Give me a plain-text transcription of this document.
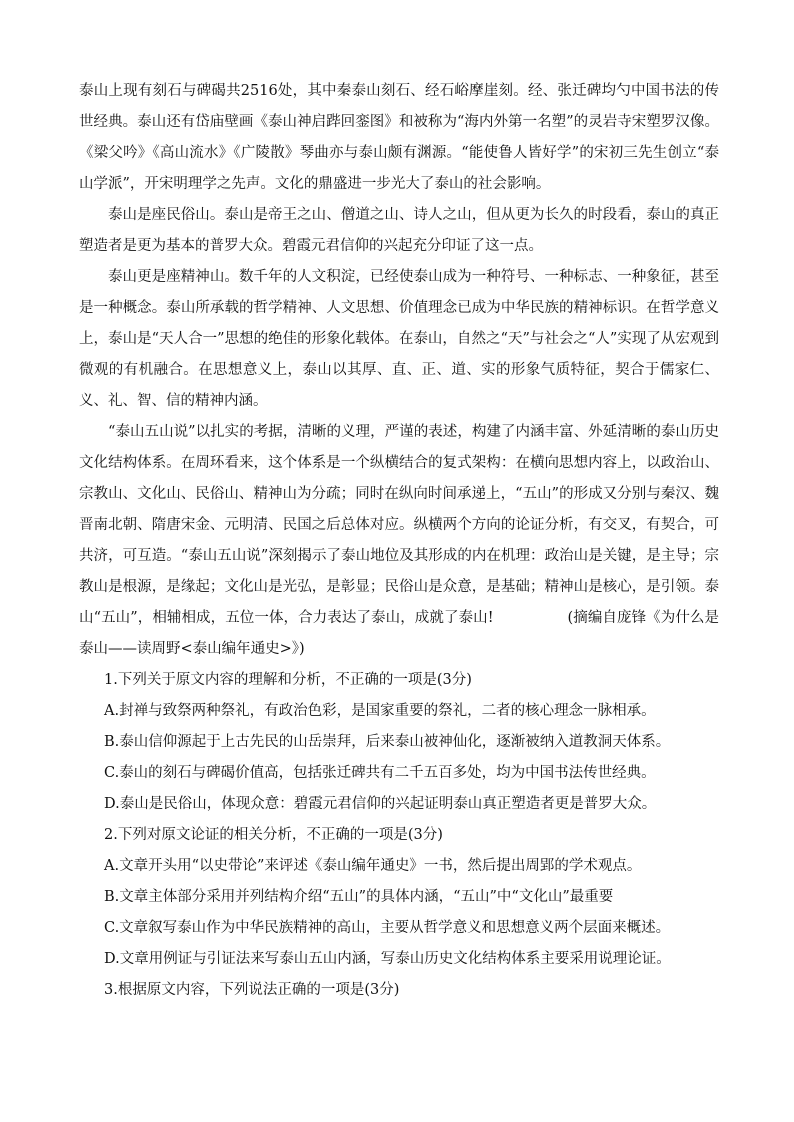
泰山上现有刻石与碑碣共2516处，其中秦泰山刻石、经石峪摩崖刻。经、张迁碑均勺中国书法的传世经典。泰山还有岱庙壁画《泰山神启跸回銮图》和被称为“海内外第一名塑”的灵岩寺宋塑罗汉像。《梁父吟》《高山流水》《广陵散》琴曲亦与泰山颇有渊源。“能使鲁人皆好学”的宋初三先生创立“泰山学派”，开宋明理学之先声。文化的鼎盛进一步光大了泰山的社会影响。

泰山是座民俗山。泰山是帝王之山、僧道之山、诗人之山，但从更为长久的时段看，泰山的真正塑造者是更为基本的普罗大众。碧霞元君信仰的兴起充分印证了这一点。

泰山更是座精神山。数千年的人文积淀，已经使泰山成为一种符号、一种标志、一种象征，甚至是一种概念。泰山所承载的哲学精神、人文思想、价值理念已成为中华民族的精神标识。在哲学意义上，泰山是“天人合一”思想的绝佳的形象化载体。在泰山，自然之“天”与社会之“人”实现了从宏观到微观的有机融合。在思想意义上，泰山以其厚、直、正、道、实的形象气质特征，契合于儒家仁、义、礼、智、信的精神内涵。

“泰山五山说”以扎实的考据，清晰的义理，严谨的表述，构建了内涵丰富、外延清晰的泰山历史文化结构体系。在周环看来，这个体系是一个纵横结合的复式架构：在横向思想内容上，以政治山、宗教山、文化山、民俗山、精神山为分疏；同时在纵向时间承递上，“五山”的形成又分别与秦汉、魏晋南北朝、隋唐宋金、元明清、民国之后总体对应。纵横两个方向的论证分析，有交叉，有契合，可共济，可互造。“泰山五山说”深刻揭示了泰山地位及其形成的内在机理：政治山是关键，是主导；宗教山是根源，是缘起；文化山是光弘，是彰显；民俗山是众意，是基础；精神山是核心，是引领。泰山“五山”，相辅相成，五位一体，合力表达了泰山，成就了泰山!	(摘编自庞锋《为什么是泰山——读周野<泰山编年通史>》)

1.下列关于原文内容的理解和分析，不正确的一项是(3分)

A.封禅与致祭两种祭礼，有政治色彩，是国家重要的祭礼，二者的核心理念一脉相承。

B.泰山信仰源起于上古先民的山岳崇拜，后来泰山被神仙化，逐渐被纳入道教洞天体系。

C.泰山的刻石与碑碣价值高，包括张迁碑共有二千五百多处，均为中国书法传世经典。

D.泰山是民俗山，体现众意：碧霞元君信仰的兴起证明泰山真正塑造者更是普罗大众。

2.下列对原文论证的相关分析，不正确的一项是(3分)

A.文章开头用“以史带论”来评述《泰山编年通史》一书，然后提出周郢的学术观点。

B.文章主体部分采用并列结构介绍“五山”的具体内涵，“五山”中“文化山”最重要

C.文章叙写泰山作为中华民族精神的高山，主要从哲学意义和思想意义两个层面来概述。

D.文章用例证与引证法来写泰山五山内涵，写泰山历史文化结构体系主要采用说理论证。

3.根据原文内容，下列说法正确的一项是(3分)
